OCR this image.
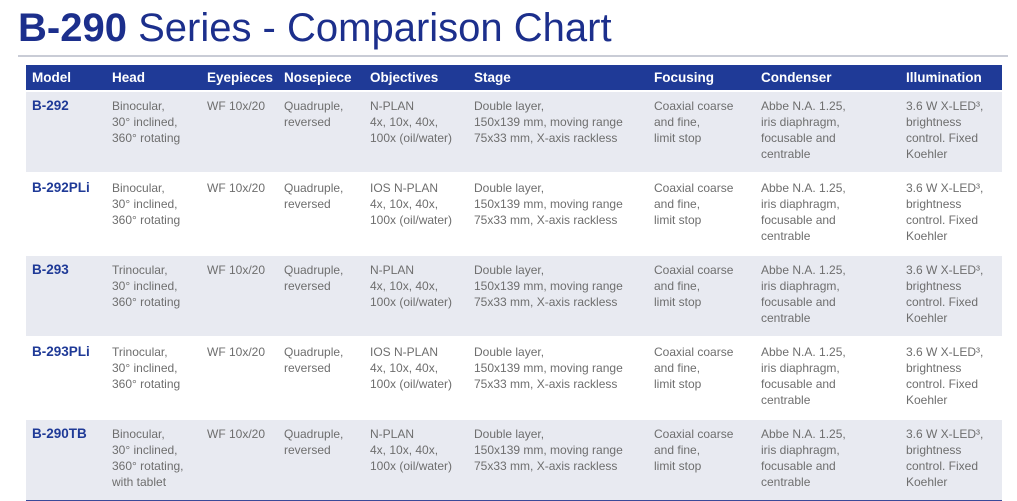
B-290 Series - Comparison Chart
Model	Head	Eyepieces	Nosepiece	Objectives	Stage	Focusing	Condenser	Illumination
B-292	Binocular,
30° inclined,
360° rotating	WF 10x/20	Quadruple,
reversed	N-PLAN
4x, 10x, 40x,
100x (oil/water)	Double layer,
150x139 mm, moving range
75x33 mm, X-axis rackless	Coaxial coarse
and fine,
limit stop	Abbe N.A. 1.25,
iris diaphragm,
focusable and
centrable	3.6 W X-LED³,
brightness
control. Fixed
Koehler
B-292PLi	Binocular,
30° inclined,
360° rotating	WF 10x/20	Quadruple,
reversed	IOS N-PLAN
4x, 10x, 40x,
100x (oil/water)	Double layer,
150x139 mm, moving range
75x33 mm, X-axis rackless	Coaxial coarse
and fine,
limit stop	Abbe N.A. 1.25,
iris diaphragm,
focusable and
centrable	3.6 W X-LED³,
brightness
control. Fixed
Koehler
B-293	Trinocular,
30° inclined,
360° rotating	WF 10x/20	Quadruple,
reversed	N-PLAN
4x, 10x, 40x,
100x (oil/water)	Double layer,
150x139 mm, moving range
75x33 mm, X-axis rackless	Coaxial coarse
and fine,
limit stop	Abbe N.A. 1.25,
iris diaphragm,
focusable and
centrable	3.6 W X-LED³,
brightness
control. Fixed
Koehler
B-293PLi	Trinocular,
30° inclined,
360° rotating	WF 10x/20	Quadruple,
reversed	IOS N-PLAN
4x, 10x, 40x,
100x (oil/water)	Double layer,
150x139 mm, moving range
75x33 mm, X-axis rackless	Coaxial coarse
and fine,
limit stop	Abbe N.A. 1.25,
iris diaphragm,
focusable and
centrable	3.6 W X-LED³,
brightness
control. Fixed
Koehler
B-290TB	Binocular,
30° inclined,
360° rotating,
with tablet	WF 10x/20	Quadruple,
reversed	N-PLAN
4x, 10x, 40x,
100x (oil/water)	Double layer,
150x139 mm, moving range
75x33 mm, X-axis rackless	Coaxial coarse
and fine,
limit stop	Abbe N.A. 1.25,
iris diaphragm,
focusable and
centrable	3.6 W X-LED³,
brightness
control. Fixed
Koehler
